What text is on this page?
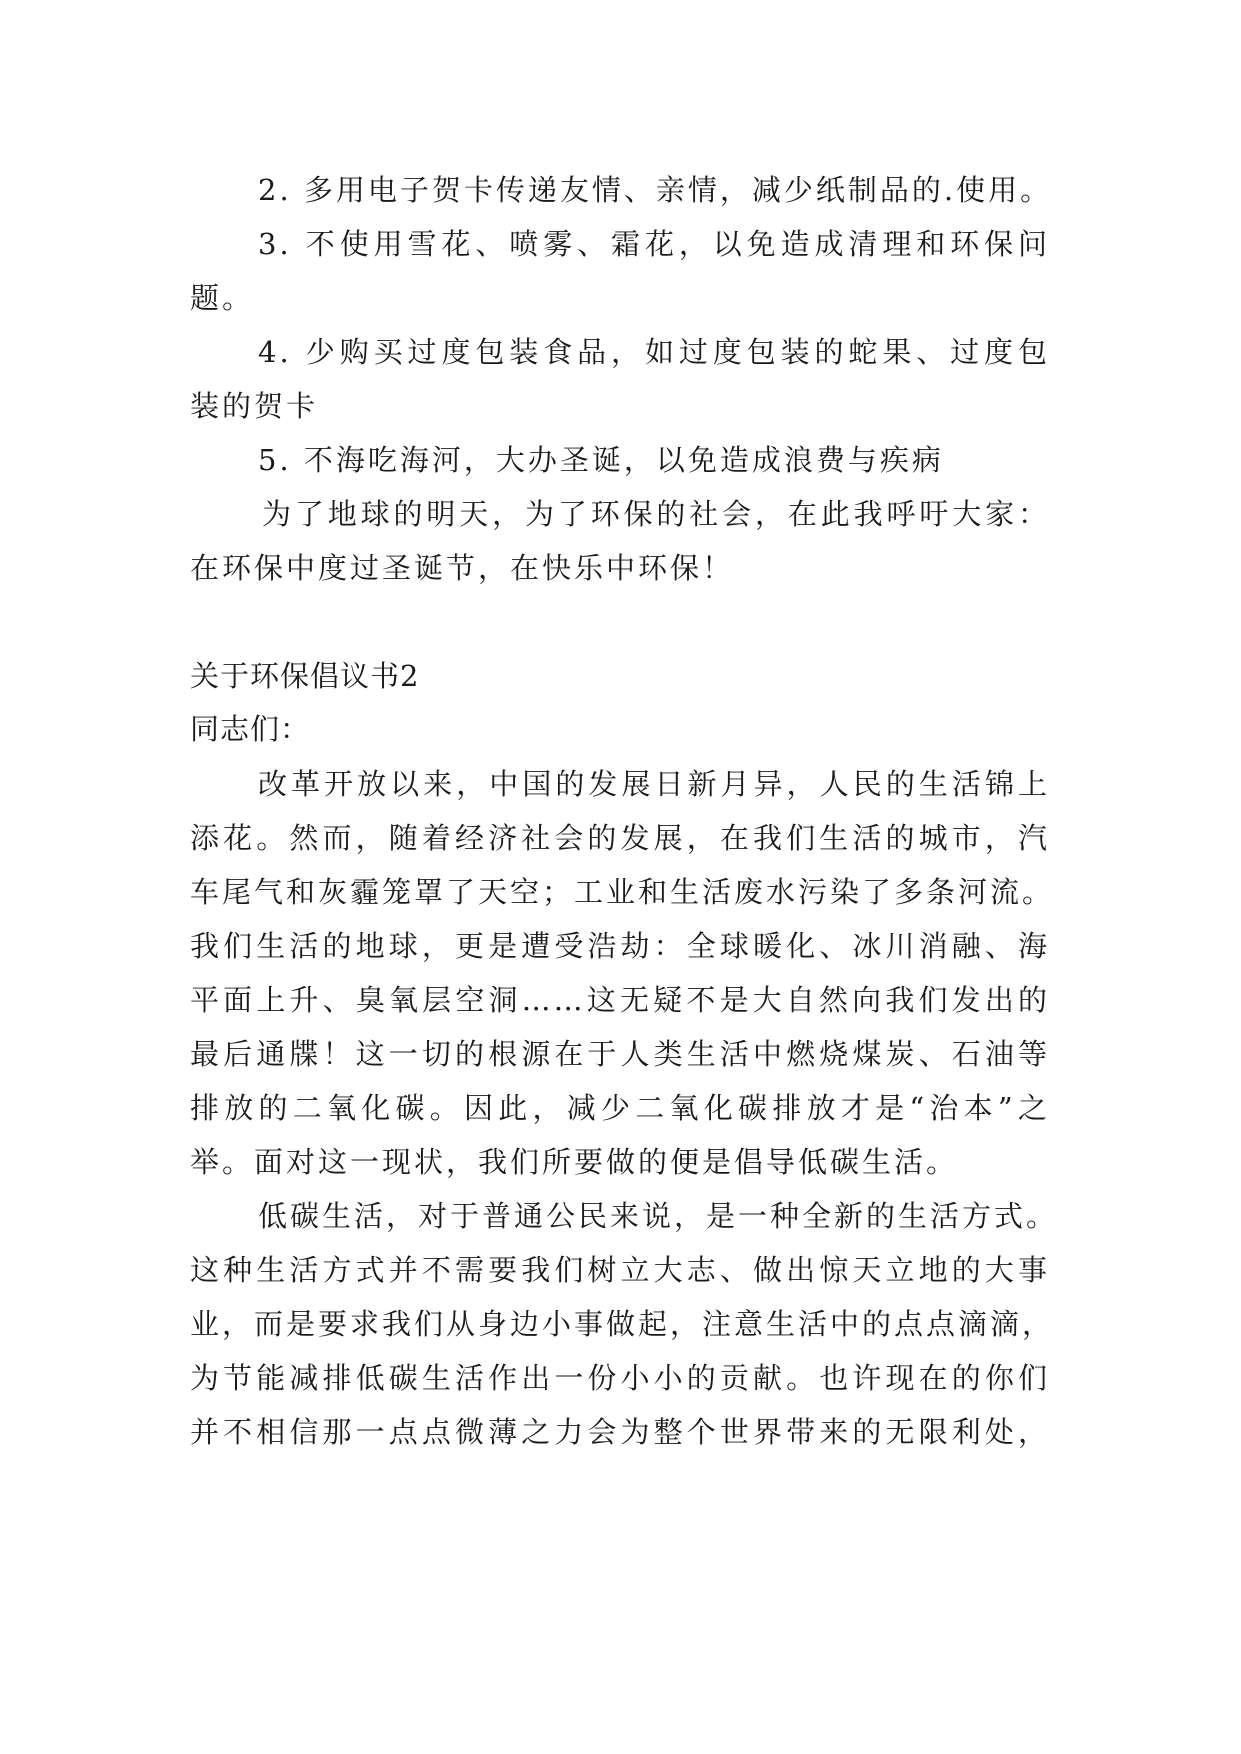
2. 多用电子贺卡传递友情、亲情，减少纸制品的.使用。
3. 不使用雪花、喷雾、霜花，以免造成清理和环保问
题。
4. 少购买过度包装食品，如过度包装的蛇果、过度包
装的贺卡
5. 不海吃海河，大办圣诞，以免造成浪费与疾病
为了地球的明天，为了环保的社会，在此我呼吁大家：
在环保中度过圣诞节，在快乐中环保！
关于环保倡议书2
同志们：
改革开放以来，中国的发展日新月异，人民的生活锦上
添花。然而，随着经济社会的发展，在我们生活的城市，汽
车尾气和灰霾笼罩了天空；工业和生活废水污染了多条河流。
我们生活的地球，更是遭受浩劫：全球暖化、冰川消融、海
平面上升、臭氧层空洞……这无疑不是大自然向我们发出的
最后通牒！这一切的根源在于人类生活中燃烧煤炭、石油等
排放的二氧化碳。因此，减少二氧化碳排放才是“治本”之
举。面对这一现状，我们所要做的便是倡导低碳生活。
低碳生活，对于普通公民来说，是一种全新的生活方式。
这种生活方式并不需要我们树立大志、做出惊天立地的大事
业，而是要求我们从身边小事做起，注意生活中的点点滴滴，
为节能减排低碳生活作出一份小小的贡献。也许现在的你们
并不相信那一点点微薄之力会为整个世界带来的无限利处，
